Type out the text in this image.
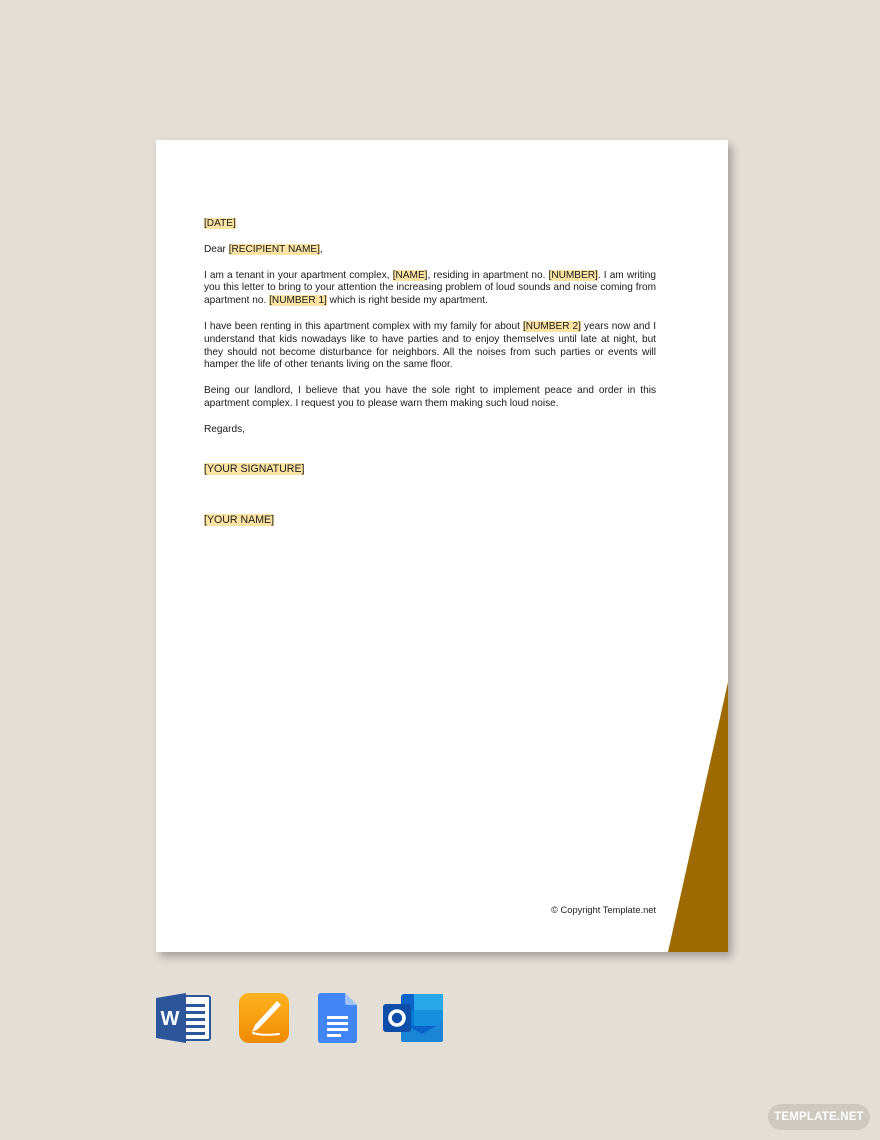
[DATE]

Dear [RECIPIENT NAME],

I am a tenant in your apartment complex, [NAME], residing in apartment no. [NUMBER]. I am writing you this letter to bring to your attention the increasing problem of loud sounds and noise coming from apartment no. [NUMBER 1] which is right beside my apartment.

I have been renting in this apartment complex with my family for about [NUMBER 2] years now and I understand that kids nowadays like to have parties and to enjoy themselves until late at night, but they should not become disturbance for neighbors. All the noises from such parties or events will hamper the life of other tenants living on the same floor.

Being our landlord, I believe that you have the sole right to implement peace and order in this apartment complex. I request you to please warn them making such loud noise.

Regards,

[YOUR SIGNATURE]

[YOUR NAME]

© Copyright Template.net
W
TEMPLATE.NET
